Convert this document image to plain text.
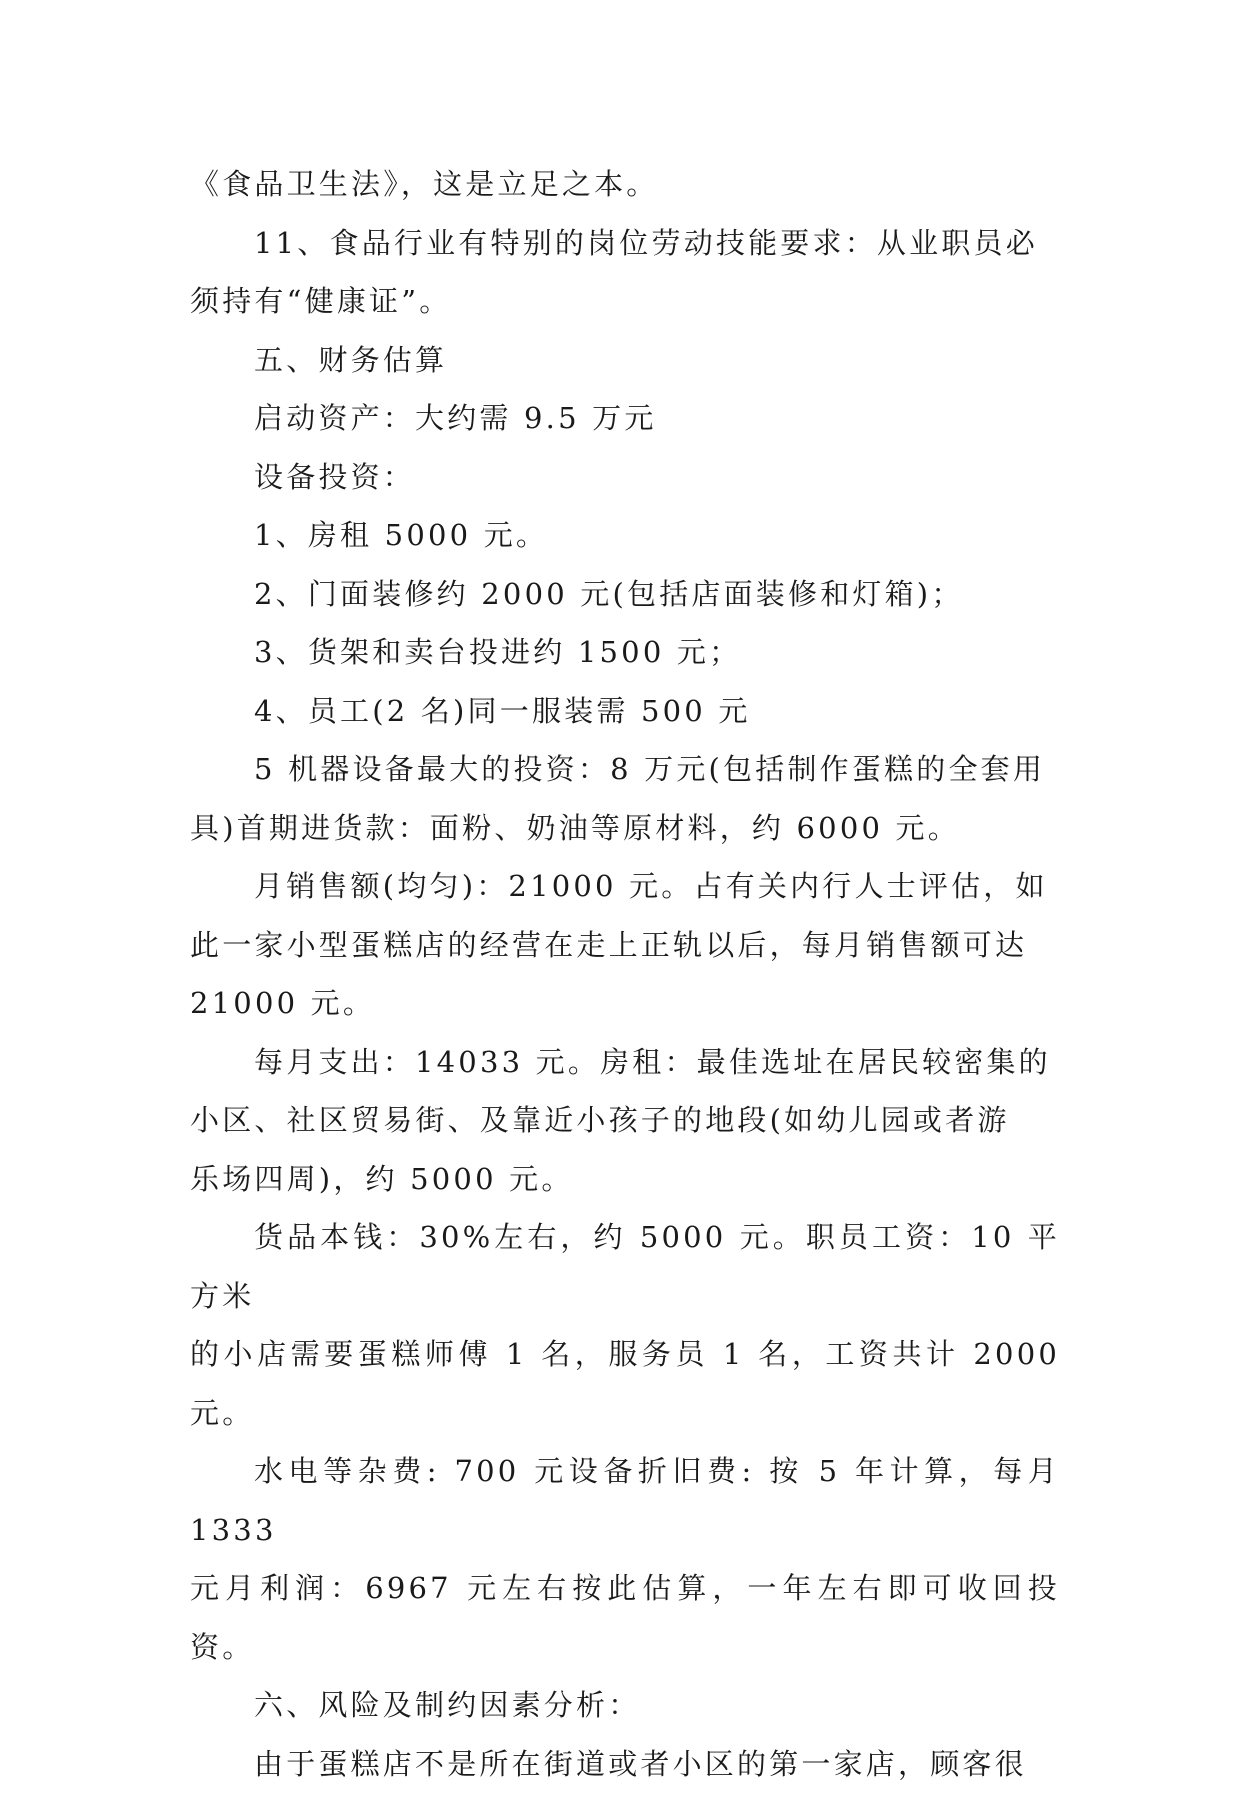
《食品卫生法》，这是立足之本。

11、食品行业有特别的岗位劳动技能要求：从业职员必

须持有“健康证”。

五、财务估算

启动资产：大约需 9.5 万元

设备投资：

1、房租 5000 元。

2、门面装修约 2000 元(包括店面装修和灯箱)；

3、货架和卖台投进约 1500 元；

4、员工(2 名)同一服装需 500 元

5 机器设备最大的投资：8 万元(包括制作蛋糕的全套用

具)首期进货款：面粉、奶油等原材料，约 6000 元。

月销售额(均匀)：21000 元。占有关内行人士评估，如

此一家小型蛋糕店的经营在走上正轨以后，每月销售额可达
21000 元。

每月支出：14033 元。房租：最佳选址在居民较密集的

小区、社区贸易街、及靠近小孩子的地段(如幼儿园或者游
乐场四周)，约 5000 元。

货品本钱：30%左右，约 5000 元。职员工资：10 平方米

的小店需要蛋糕师傅 1 名，服务员 1 名，工资共计 2000 元。

水电等杂费: 700 元设备折旧费: 按 5 年计算，每月 1333

元月利润：6967 元左右按此估算，一年左右即可收回投资。

六、风险及制约因素分析：

由于蛋糕店不是所在街道或者小区的第一家店，顾客很
